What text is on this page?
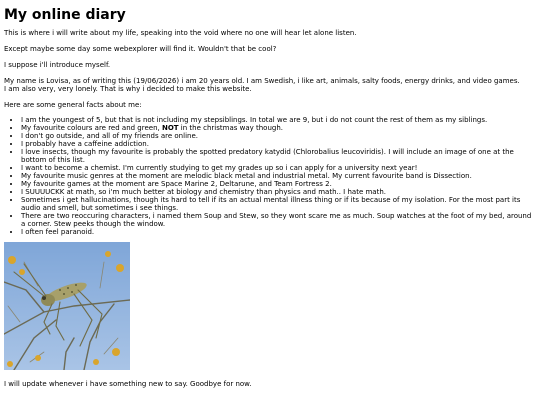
My online diary

This is where i will write about my life, speaking into the void where no one will hear let alone listen.

Except maybe some day some webexplorer will find it. Wouldn't that be cool?

I suppose i'll introduce myself.

My name is Lovisa, as of writing this (19/06/2026) i am 20 years old. I am Swedish, i like art, animals, salty foods, energy drinks, and video games.
I am also very, very lonely. That is why i decided to make this website.

Here are some general facts about me:

• I am the youngest of 5, but that is not including my stepsiblings. In total we are 9, but i do not count the rest of them as my siblings.
• My favourite colours are red and green, NOT in the christmas way though.
• I don't go outside, and all of my friends are online.
• I probably have a caffeine addiction.
• I love insects, though my favourite is probably the spotted predatory katydid (Chlorobalius leucoviridis). I will include an image of one at the bottom of this list.
• I want to become a chemist. I'm currently studying to get my grades up so i can apply for a university next year!
• My favourite music genres at the moment are melodic black metal and industrial metal. My current favourite band is Dissection.
• My favourite games at the moment are Space Marine 2, Deltarune, and Team Fortress 2.
• I SUUUUCKK at math, so i'm much better at biology and chemistry than physics and math.. I hate math.
• Sometimes i get hallucinations, though its hard to tell if its an actual mental illness thing or if its because of my isolation. For the most part its audio and smell, but sometimes i see things.
• There are two reoccuring characters, i named them Soup and Stew, so they wont scare me as much. Soup watches at the foot of my bed, around a corner. Stew peeks though the window.
• I often feel paranoid.

I will update whenever i have something new to say. Goodbye for now.
